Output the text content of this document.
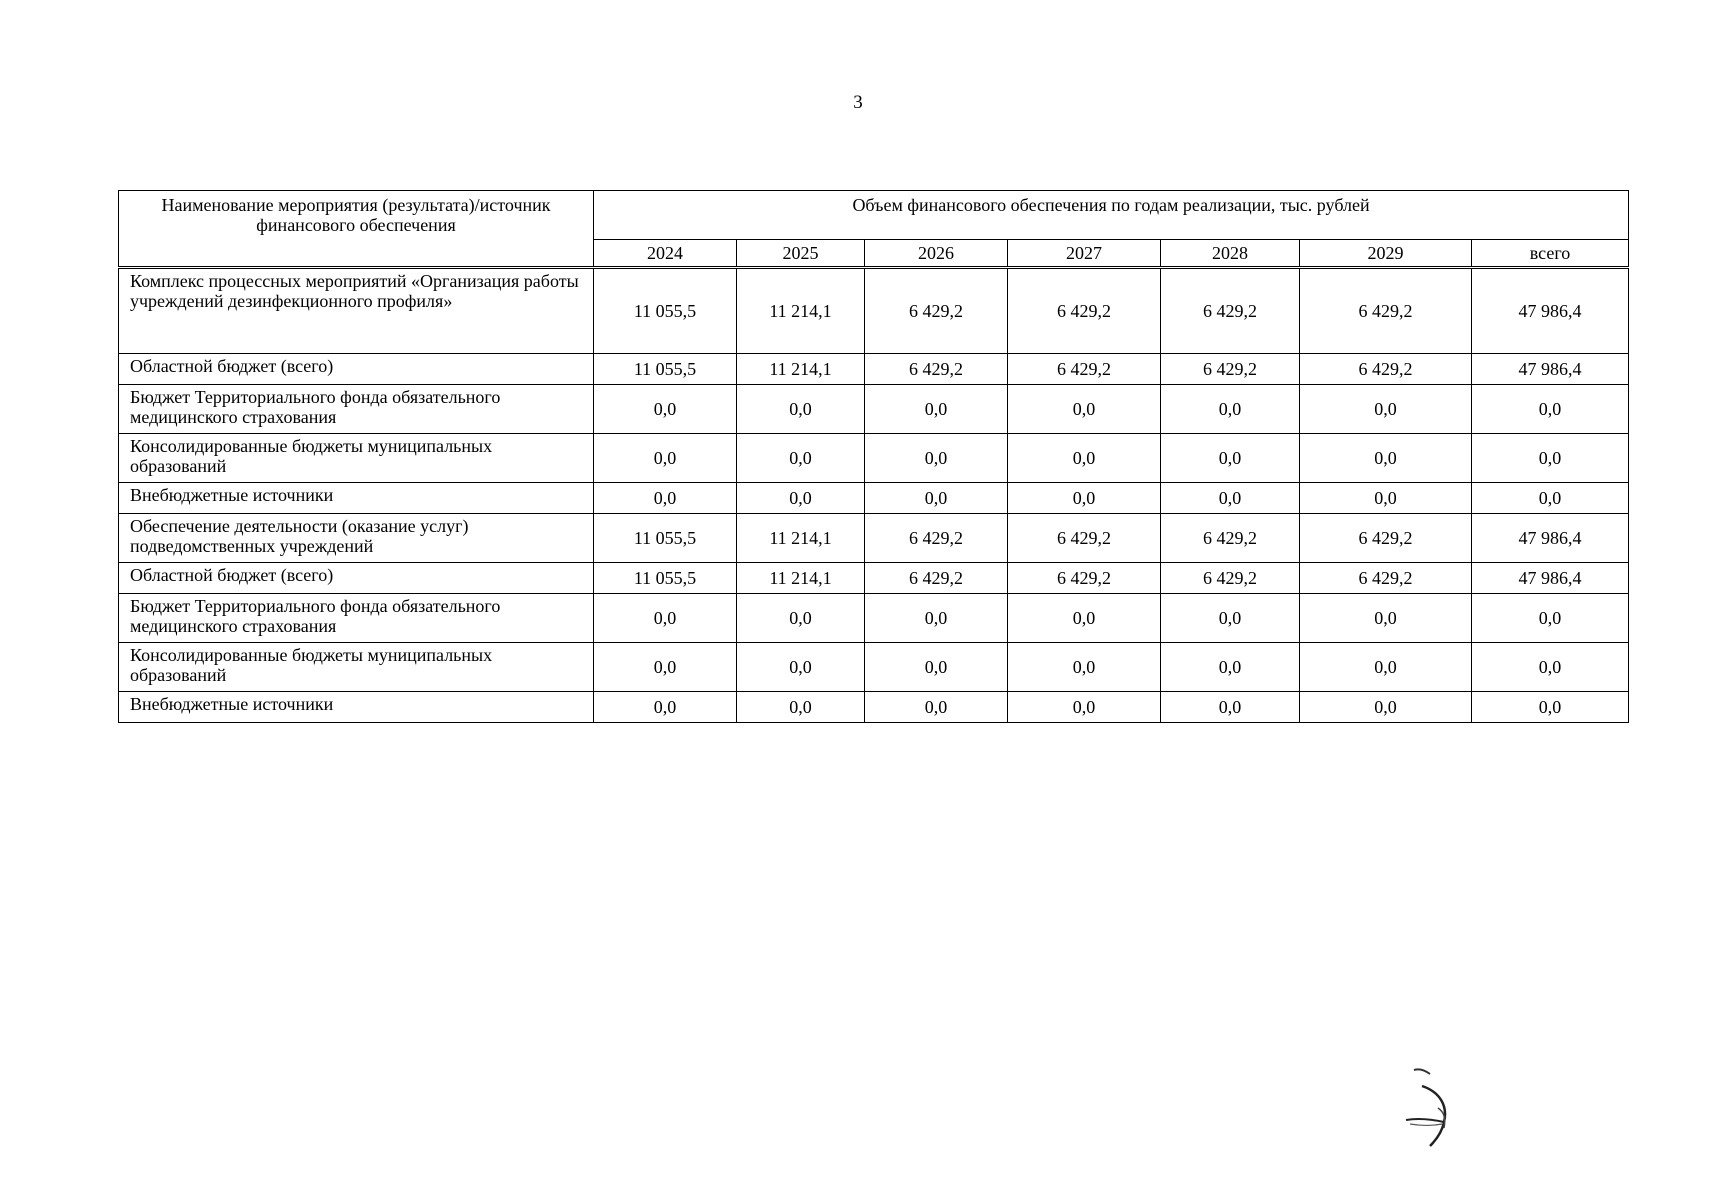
3
Наименование мероприятия (результата)/источник финансового обеспечения	Объем финансового обеспечения по годам реализации, тыс. рублей						
	2024	2025	2026	2027	2028	2029	всего
Комплекс процессных мероприятий «Организация работы учреждений дезинфекционного профиля»	11 055,5	11 214,1	6 429,2	6 429,2	6 429,2	6 429,2	47 986,4
Областной бюджет (всего)	11 055,5	11 214,1	6 429,2	6 429,2	6 429,2	6 429,2	47 986,4
Бюджет Территориального фонда обязательного медицинского страхования	0,0	0,0	0,0	0,0	0,0	0,0	0,0
Консолидированные бюджеты муниципальных образований	0,0	0,0	0,0	0,0	0,0	0,0	0,0
Внебюджетные источники	0,0	0,0	0,0	0,0	0,0	0,0	0,0
Обеспечение деятельности (оказание услуг) подведомственных учреждений	11 055,5	11 214,1	6 429,2	6 429,2	6 429,2	6 429,2	47 986,4
Областной бюджет (всего)	11 055,5	11 214,1	6 429,2	6 429,2	6 429,2	6 429,2	47 986,4
Бюджет Территориального фонда обязательного медицинского страхования	0,0	0,0	0,0	0,0	0,0	0,0	0,0
Консолидированные бюджеты муниципальных образований	0,0	0,0	0,0	0,0	0,0	0,0	0,0
Внебюджетные источники	0,0	0,0	0,0	0,0	0,0	0,0	0,0
